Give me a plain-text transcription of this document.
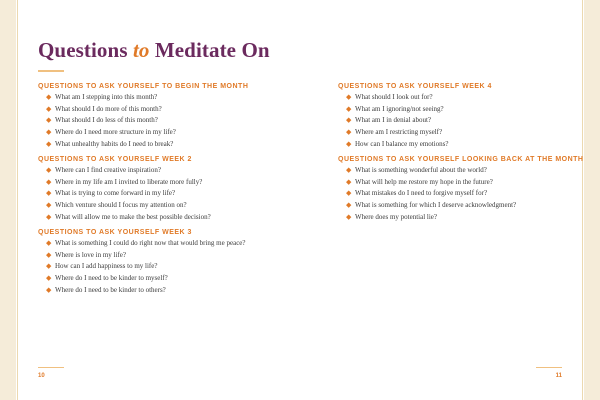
Questions to Meditate On
QUESTIONS TO ASK YOURSELF TO BEGIN THE MONTH
◆ What am I stepping into this month?
◆ What should I do more of this month?
◆ What should I do less of this month?
◆ Where do I need more structure in my life?
◆ What unhealthy habits do I need to break?
QUESTIONS TO ASK YOURSELF WEEK 2
◆ Where can I find creative inspiration?
◆ Where in my life am I invited to liberate more fully?
◆ What is trying to come forward in my life?
◆ Which venture should I focus my attention on?
◆ What will allow me to make the best possible decision?
QUESTIONS TO ASK YOURSELF WEEK 3
◆ What is something I could do right now that would bring me peace?
◆ Where is love in my life?
◆ How can I add happiness to my life?
◆ Where do I need to be kinder to myself?
◆ Where do I need to be kinder to others?
QUESTIONS TO ASK YOURSELF WEEK 4
◆ What should I look out for?
◆ What am I ignoring/not seeing?
◆ What am I in denial about?
◆ Where am I restricting myself?
◆ How can I balance my emotions?
QUESTIONS TO ASK YOURSELF LOOKING BACK AT THE MONTH
◆ What is something wonderful about the world?
◆ What will help me restore my hope in the future?
◆ What mistakes do I need to forgive myself for?
◆ What is something for which I deserve acknowledgment?
◆ Where does my potential lie?
10	11
